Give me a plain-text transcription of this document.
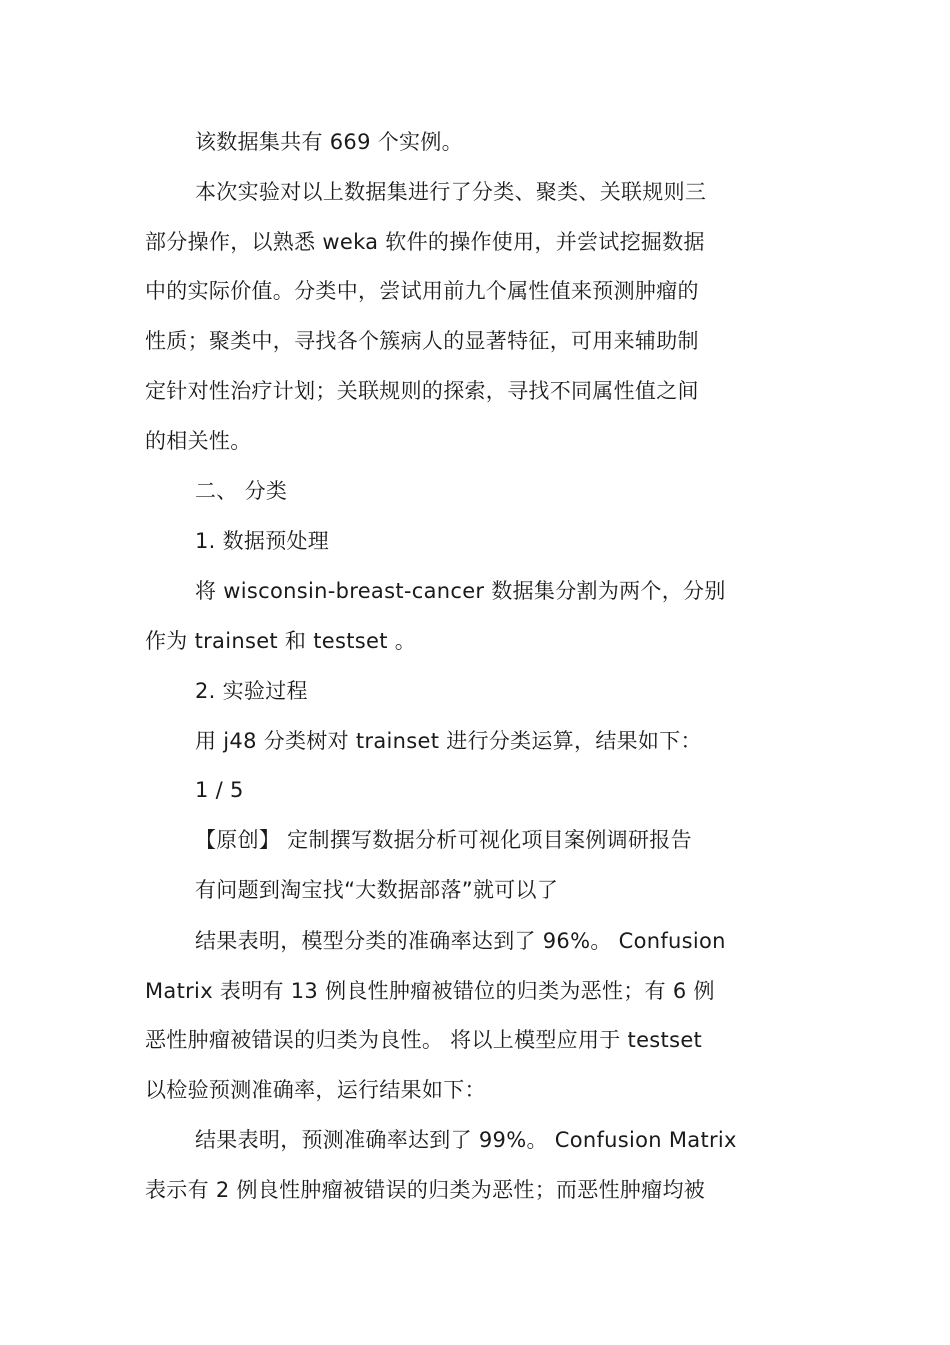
该数据集共有 669 个实例。
本次实验对以上数据集进行了分类、聚类、关联规则三
部分操作，以熟悉 weka 软件的操作使用，并尝试挖掘数据
中的实际价值。分类中，尝试用前九个属性值来预测肿瘤的
性质；聚类中，寻找各个簇病人的显著特征，可用来辅助制
定针对性治疗计划；关联规则的探索，寻找不同属性值之间
的相关性。
二、 分类
1. 数据预处理
将 wisconsin-breast-cancer 数据集分割为两个，分别
作为 trainset 和 testset 。
2. 实验过程
用 j48 分类树对 trainset 进行分类运算，结果如下：
1 / 5
【原创】 定制撰写数据分析可视化项目案例调研报告
有问题到淘宝找“大数据部落”就可以了
结果表明，模型分类的准确率达到了 96%。 Confusion
Matrix 表明有 13 例良性肿瘤被错位的归类为恶性；有 6 例
恶性肿瘤被错误的归类为良性。 将以上模型应用于 testset
以检验预测准确率，运行结果如下：
结果表明，预测准确率达到了 99%。 Confusion Matrix
表示有 2 例良性肿瘤被错误的归类为恶性；而恶性肿瘤均被
